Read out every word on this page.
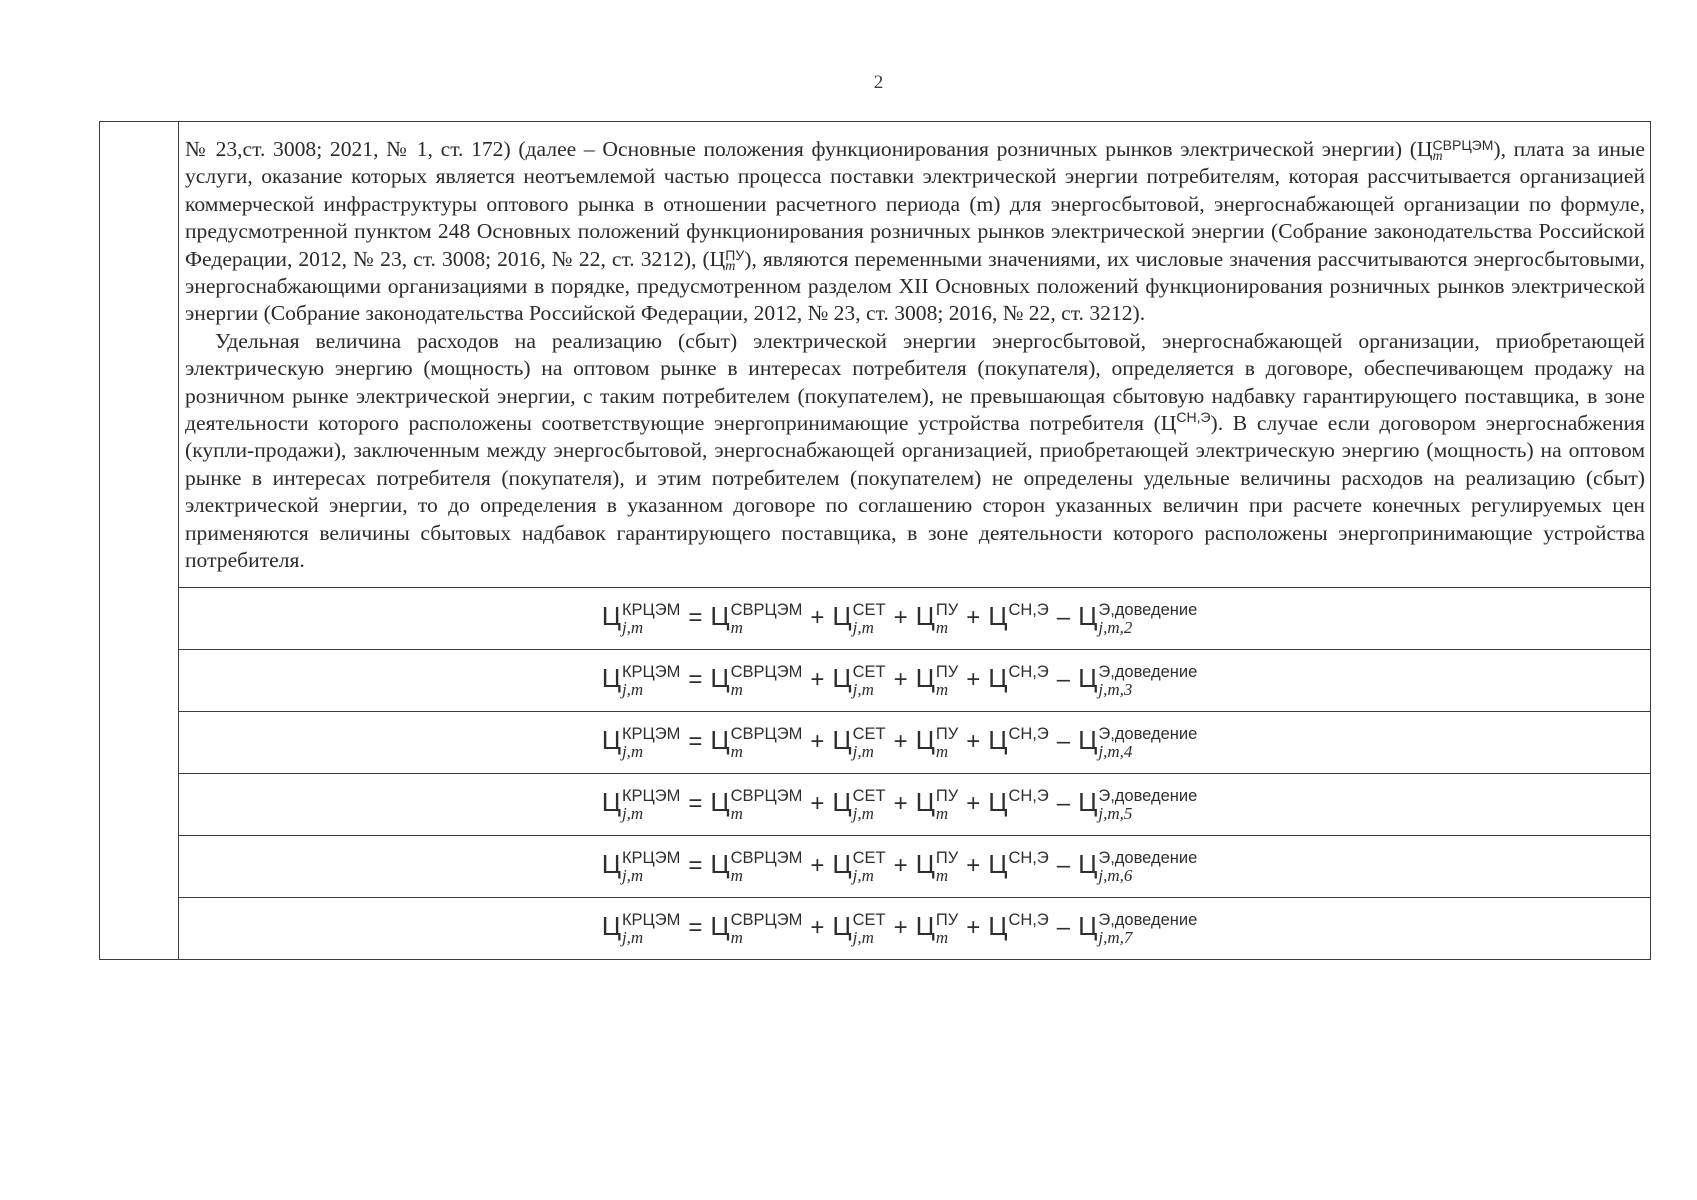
2

№ 23,ст. 3008; 2021, № 1, ст. 172) (далее – Основные положения функционирования розничных рынков электрической энергии) (Ц СВРЦЭМ
m	), плата за иные услуги, оказание которых является неотъемлемой частью процесса поставки электрической энергии потребителям, которая рассчитывается организацией коммерческой инфраструктуры оптового рынка в отношении расчетного периода (m) для энергосбытовой, энергоснабжающей организации по формуле, предусмотренной пунктом 248 Основных положений функционирования розничных рынков электрической энергии (Собрание законодательства Российской Федерации, 2012, № 23, ст. 3008; 2016, № 22, ст. 3212), (Ц ПУ
m ), являются переменными значениями, их числовые значения рассчитываются энергосбытовыми, энергоснабжающими организациями в порядке, предусмотренном разделом XII Основных положений функционирования розничных рынков электрической энергии (Собрание законодательства Российской Федерации, 2012, № 23, ст. 3008; 2016, № 22, ст. 3212).

Удельная величина расходов на реализацию (сбыт) электрической энергии энергосбытовой, энергоснабжающей организации, приобретающей электрическую энергию (мощность) на оптовом рынке в интересах потребителя (покупателя), определяется в договоре, обеспечивающем продажу на розничном рынке электрической энергии, с таким потребителем (покупателем), не превышающая сбытовую надбавку гарантирующего поставщика, в зоне деятельности которого расположены соответствующие энергопринимающие устройства потребителя $(Ц^{СН,Э})$. В случае если договором энергоснабжения (купли-продажи), заключенным между энергосбытовой, энергоснабжающей организацией, приобретающей электрическую энергию (мощность) на оптовом рынке в интересах потребителя (покупателя), и этим потребителем (покупателем) не определены удельные величины расходов на реализацию (сбыт) электрической энергии, то до определения в указанном договоре по соглашению сторон указанных величин при расчете конечных регулируемых цен применяются величины сбытовых надбавок гарантирующего поставщика, в зоне деятельности которого расположены энергопринимающие устройства потребителя.

Ц КРЦЭМ
j,m	= Ц СВРЦЭМ
m	+ Ц СЕТ
j,m + Ц ПУ
m + Ц СН,Э – Ц Э,доведение
j,m,2

Ц КРЦЭМ
j,m	= Ц СВРЦЭМ
m	+ Ц СЕТ
j,m + Ц ПУ
m + Ц СН,Э – Ц Э,доведение
j,m,3

Ц КРЦЭМ
j,m	= Ц СВРЦЭМ
m	+ Ц СЕТ
j,m + Ц ПУ
m + Ц СН,Э – Ц Э,доведение
j,m,4

Ц КРЦЭМ
j,m	= Ц СВРЦЭМ
m	+ Ц СЕТ
j,m + Ц ПУ
m + Ц СН,Э – Ц Э,доведение
j,m,5

Ц КРЦЭМ
j,m	= Ц СВРЦЭМ
m	+ Ц СЕТ
j,m + Ц ПУ
m + Ц СН,Э – Ц Э,доведение
j,m,6

Ц КРЦЭМ
j,m	= Ц СВРЦЭМ
m	+ Ц СЕТ
j,m + Ц ПУ
m + Ц СН,Э – Ц Э,доведение
j,m,7
